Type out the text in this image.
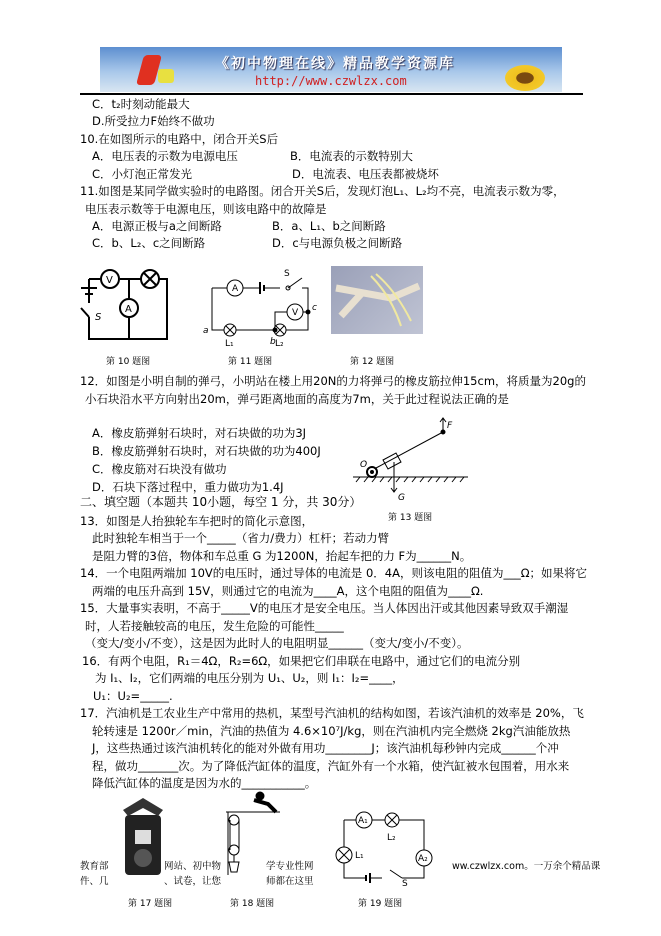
《初中物理在线》精品教学资源库
http://www.czwlzx.com
C．t₂时刻动能最大
D.所受拉力F始终不做功
10.在如图所示的电路中，闭合开关S后
A．电压表的示数为电源电压	B．电流表的示数特别大
C．小灯泡正常发光	D．电流表、电压表都被烧坏
11.如图是某同学做实验时的电路图。闭合开关S后，发现灯泡L₁、L₂均不亮，电流表示数为零，
电压表示数等于电源电压，则该电路中的故障是
A．电源正极与a之间断路	B．a、L₁、b之间断路
C．b、L₂、c之间断路	D．c与电源负极之间断路
V
A
S
第 10 题图
A
V
S
a
b
c
L₁	L₂
第 11 题图	第 12 题图
12．如图是小明自制的弹弓，小明站在楼上用20N的力将弹弓的橡皮筋拉伸15cm，将质量为20g的
小石块沿水平方向射出20m，弹弓距离地面的高度为7m，关于此过程说法正确的是
A．橡皮筋弹射石块时，对石块做的功为3J
B．橡皮筋弹射石块时，对石块做的功为400J
C．橡皮筋对石块没有做功
D．石块下落过程中，重力做功为1.4J
二、填空题（本题共 10小题，每空 1 分，共 30分）
F
O
G
第 13 题图
13．如图是人抬独轮车车把时的简化示意图，
此时独轮车相当于一个_____（省力/费力）杠杆；若动力臂
是阻力臂的3倍，物体和车总重 G 为1200N，抬起车把的力 F为______N。
14．一个电阻两端加 10V的电压时，通过导体的电流是 0．4A，则该电阻的阻值为___Ω；如果将它
两端的电压升高到 15V，则通过它的电流为____A，这个电阻的阻值为____Ω.
15．大量事实表明，不高于_____V的电压才是安全电压。当人体因出汗或其他因素导致双手潮湿
时，人若接触较高的电压，发生危险的可能性_____
（变大/变小/不变），这是因为此时人的电阻明显______（变大/变小/不变）。
16．有两个电阻，R₁＝4Ω，R₂=6Ω，如果把它们串联在电路中，通过它们的电流分别
为 I₁、I₂，它们两端的电压分别为 U₁、U₂，则 I₁：I₂=____，
U₁：U₂=_____.
17．汽油机是工农业生产中常用的热机，某型号汽油机的结构如图，若该汽油机的效率是 20%，飞
轮转速是 1200r／min，汽油的热值为 4.6×10⁷J/kg，则在汽油机内完全燃烧 2kg汽油能放热
J，这些热通过该汽油机转化的能对外做有用功________J；该汽油机每秒钟内完成______个冲
程，做功_______次。为了降低汽缸体的温度，汽缸外有一个水箱，使汽缸被水包围着，用水来
降低汽缸体的温度是因为水的___________。
第 17 题图	第 18 题图
A₁
A₂
L₂
L₁
S
第 19 题图
教育部
件、几
网站、初中物
、试卷，让您
学专业性网
师都在这里
ww.czwlzx.com。一万余个精品课
